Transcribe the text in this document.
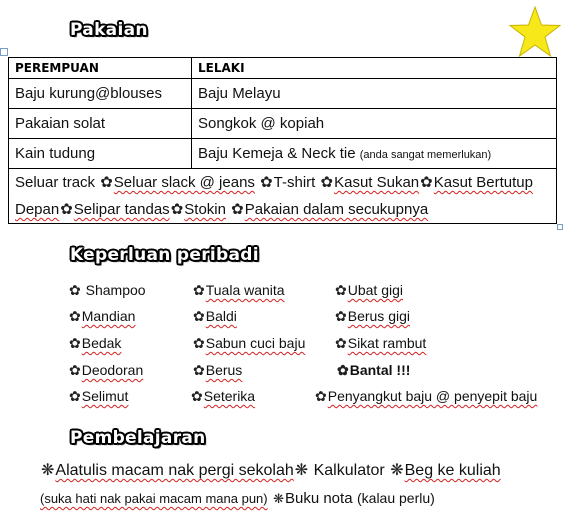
Pakaian
PEREMPUAN	LELAKI
Baju kurung@blouses	Baju Melayu
Pakaian solat	Songkok @ kopiah
Kain tudung	Baju Kemeja & Neck tie (anda sangat memerlukan)
Seluar track ✿Seluar slack @ jeans ✿T-shirt ✿Kasut Sukan✿Kasut Bertutup Depan✿Selipar tandas✿Stokin ✿Pakaian dalam secukupnya	
Keperluan peribadi
✿ Shampoo	✿Tuala wanita	✿Ubat gigi
✿Mandian	✿Baldi	✿Berus gigi
✿Bedak	✿Sabun cuci baju ✿Sikat rambut
✿Deodoran	✿Berus	✿Bantal !!!
✿Selimut	✿Seterika	✿Penyangkut baju @ penyepit baju
Pembelajaran
❋Alatulis macam nak pergi sekolah❋ Kalkulator ❋Beg ke kuliah
(suka hati nak pakai macam mana pun) ❋Buku nota (kalau perlu)
